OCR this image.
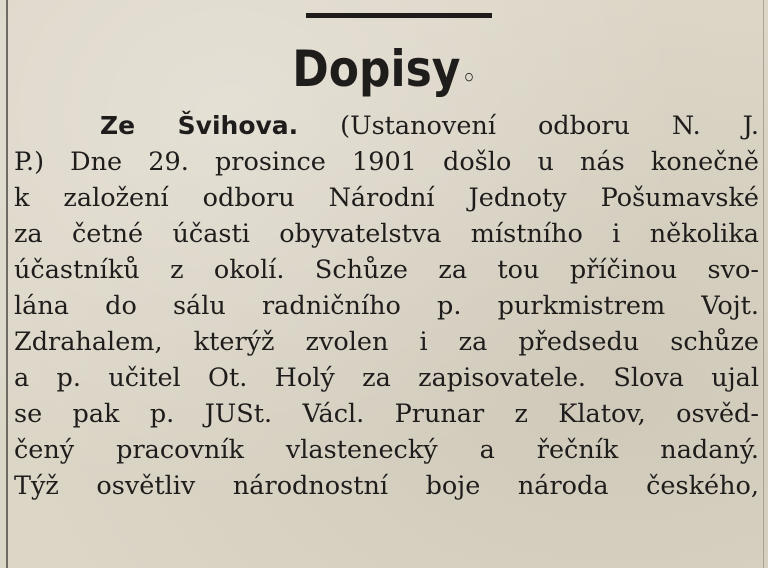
Dopisy◦
Ze Švihova. (Ustanovení odboru N. J.
P.) Dne 29. prosince 1901 došlo u nás konečně
k založení odboru Národní Jednoty Pošumavské
za četné účasti obyvatelstva místního i několika
účastníků z okolí. Schůze za tou příčinou svo-
lána do sálu radničního p. purkmistrem Vojt.
Zdrahalem, kterýž zvolen i za předsedu schůze
a p. učitel Ot. Holý za zapisovatele. Slova ujal
se pak p. JUSt. Václ. Prunar z Klatov, osvěd-
čený pracovník vlastenecký a řečník nadaný.
Týž osvětliv národnostní boje národa českého,
